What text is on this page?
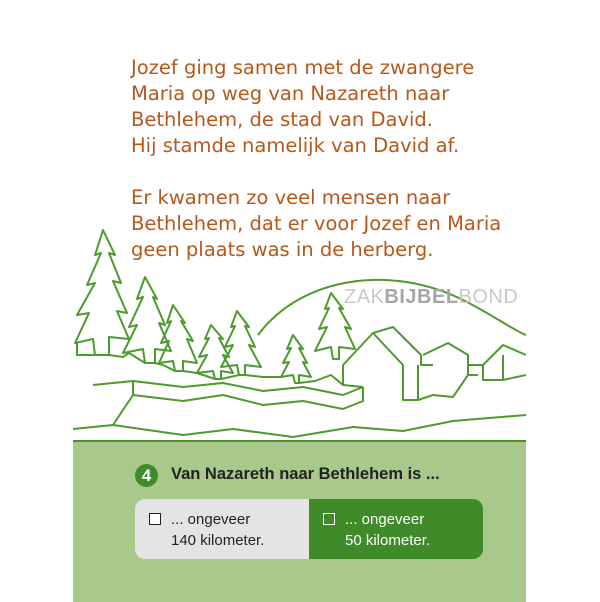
Jozef ging samen met de zwangere
Maria op weg van Nazareth naar
Bethlehem, de stad van David.
Hij stamde namelijk van David af.

Er kwamen zo veel mensen naar
Bethlehem, dat er voor Jozef en Maria
geen plaats was in de herberg.

ZAKBIJBELBOND
4	Van Nazareth naar Bethlehem is ...
... ongeveer
140 kilometer.
... ongeveer
50 kilometer.
